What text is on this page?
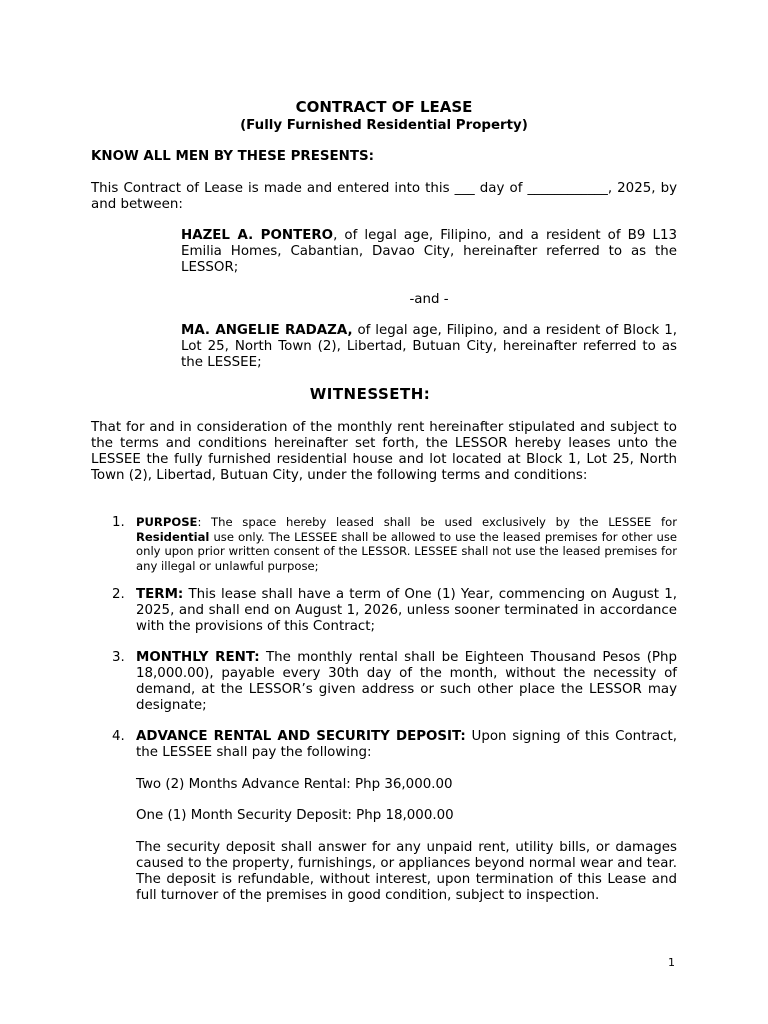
CONTRACT OF LEASE
(Fully Furnished Residential Property)
KNOW ALL MEN BY THESE PRESENTS:
This Contract of Lease is made and entered into this ___ day of ____________, 2025, by and between:
HAZEL A. PONTERO, of legal age, Filipino, and a resident of B9 L13 Emilia Homes, Cabantian, Davao City, hereinafter referred to as the LESSOR;
-and -
MA. ANGELIE RADAZA, of legal age, Filipino, and a resident of Block 1, Lot 25, North Town (2), Libertad, Butuan City, hereinafter referred to as the LESSEE;
WITNESSETH:
That for and in consideration of the monthly rent hereinafter stipulated and subject to the terms and conditions hereinafter set forth, the LESSOR hereby leases unto the LESSEE the fully furnished residential house and lot located at Block 1, Lot 25, North Town (2), Libertad, Butuan City, under the following terms and conditions:
1. PURPOSE: The space hereby leased shall be used exclusively by the LESSEE for Residential use only. The LESSEE shall be allowed to use the leased premises for other use only upon prior written consent of the LESSOR. LESSEE shall not use the leased premises for any illegal or unlawful purpose;
2. TERM: This lease shall have a term of One (1) Year, commencing on August 1, 2025, and shall end on August 1, 2026, unless sooner terminated in accordance with the provisions of this Contract;
3. MONTHLY RENT: The monthly rental shall be Eighteen Thousand Pesos (Php 18,000.00), payable every 30th day of the month, without the necessity of demand, at the LESSOR’s given address or such other place the LESSOR may designate;
4. ADVANCE RENTAL AND SECURITY DEPOSIT: Upon signing of this Contract, the LESSEE shall pay the following:
Two (2) Months Advance Rental: Php 36,000.00
One (1) Month Security Deposit: Php 18,000.00
The security deposit shall answer for any unpaid rent, utility bills, or damages caused to the property, furnishings, or appliances beyond normal wear and tear. The deposit is refundable, without interest, upon termination of this Lease and full turnover of the premises in good condition, subject to inspection.
1
